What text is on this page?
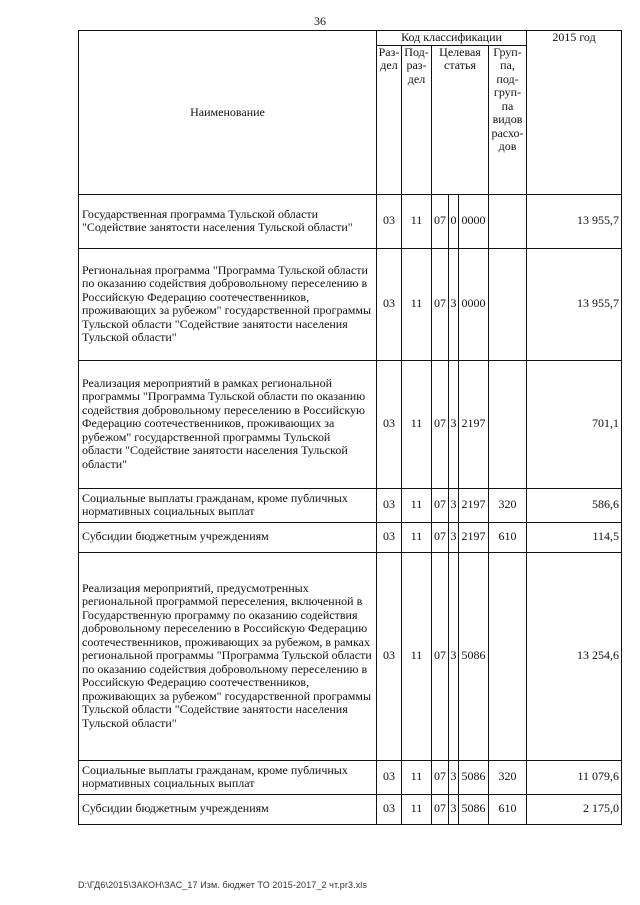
36
Наименование	Код классификации						2015 год
	Раз-дел	Под-раз-дел	Целевая статья			Груп-па, под-груп-па видов расхо-дов	
Государственная программа Тульской области "Содействие занятости населения Тульской области"	03	11	07	0	0000		13 955,7
Региональная программа "Программа Тульской области по оказанию содействия добровольному переселению в Российскую Федерацию соотечественников, проживающих за рубежом" государственной программы Тульской области "Содействие занятости населения Тульской области"	03	11	07	3	0000		13 955,7
Реализация мероприятий в рамках региональной программы "Программа Тульской области по оказанию содействия добровольному переселению в Российскую Федерацию соотечественников, проживающих за рубежом" государственной программы Тульской области "Содействие занятости населения Тульской области"	03	11	07	3	2197		701,1
Социальные выплаты гражданам, кроме публичных нормативных социальных выплат	03	11	07	3	2197	320	586,6
Субсидии бюджетным учреждениям	03	11	07	3	2197	610	114,5
Реализация мероприятий, предусмотренных региональной программой переселения, включенной в Государственную программу по оказанию содействия добровольному переселению в Российскую Федерацию соотечественников, проживающих за рубежом, в рамках региональной программы "Программа Тульской области по оказанию содействия добровольному переселению в Российскую Федерацию соотечественников, проживающих за рубежом" государственной программы Тульской области "Содействие занятости населения Тульской области"	03	11	07	3	5086		13 254,6
Социальные выплаты гражданам, кроме публичных нормативных социальных выплат	03	11	07	3	5086	320	11 079,6
Субсидии бюджетным учреждениям	03	11	07	3	5086	610	2 175,0
D:\ГД6\2015\ЗАКОН\ЗАС_17 Изм. бюджет ТО 2015-2017_2 чт.pr3.xls
